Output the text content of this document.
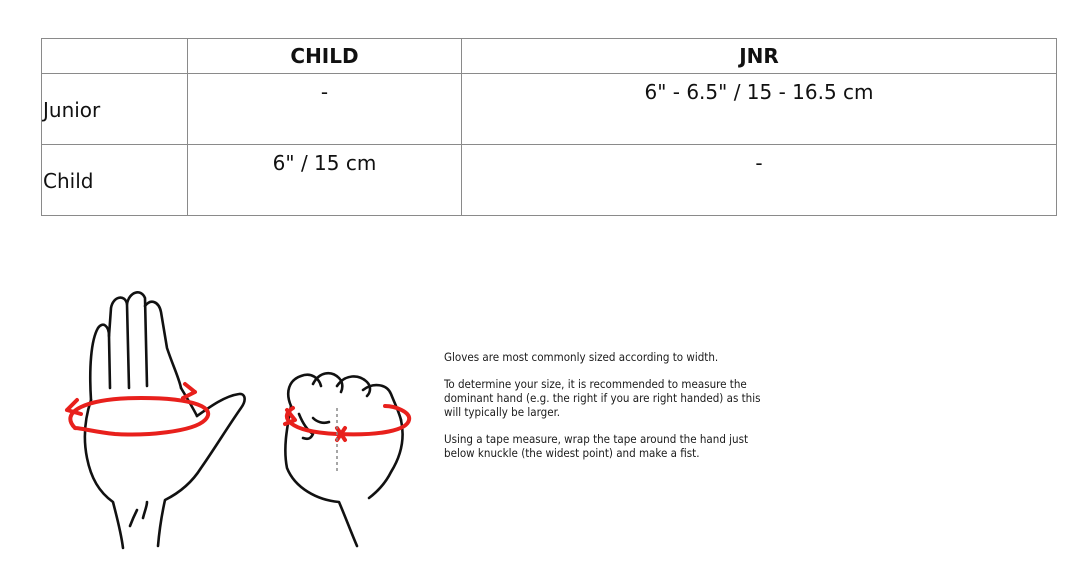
	CHILD	JNR

Junior	-	6" - 6.5" / 15 - 16.5 cm

Child	6" / 15 cm	-

Gloves are most commonly sized according to width.

To determine your size, it is recommended to measure the dominant hand (e.g. the right if you are right handed) as this will typically be larger.

Using a tape measure, wrap the tape around the hand just below knuckle (the widest point) and make a fist.
